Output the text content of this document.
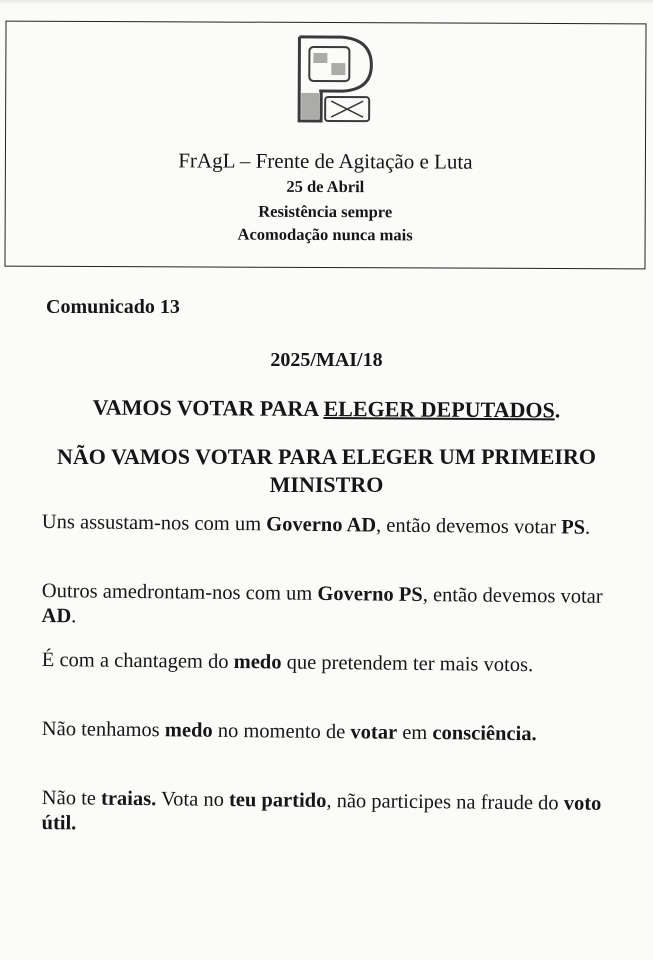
FrAgL – Frente de Agitação e Luta
25 de Abril
Resistência sempre
Acomodação nunca mais
Comunicado 13
2025/MAI/18
VAMOS VOTAR PARA ELEGER DEPUTADOS.
NÃO VAMOS VOTAR PARA ELEGER UM PRIMEIRO MINISTRO
Uns assustam-nos com um Governo AD, então devemos votar PS.
Outros amedrontam-nos com um Governo PS, então devemos votar AD.
É com a chantagem do medo que pretendem ter mais votos.
Não tenhamos medo no momento de votar em consciência.
Não te traias. Vota no teu partido, não participes na fraude do voto útil.
